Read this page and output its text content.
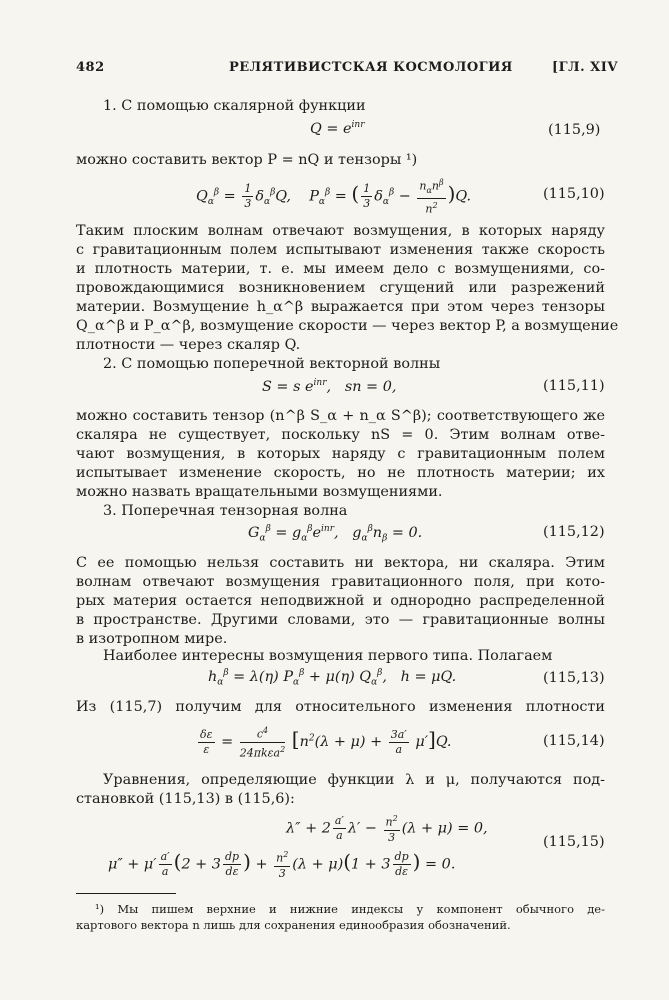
482	РЕЛЯТИВИСТСКАЯ КОСМОЛОГИЯ	[ГЛ. XIV
1. С помощью скалярной функции
$Q = e^{inr}$	(115,9)
можно составить вектор P = nQ и тензоры ¹)
$Q_\alpha^\beta = \frac{1}{3} \delta_\alpha^\beta Q$,    $P_\alpha^\beta$ = ( $\frac{1}{3} \delta_\alpha^\beta - \frac{n_\alpha n^\beta}{n^2} )Q$.	(115,10)
Таким плоским волнам отвечают возмущения, в которых наряду
с гравитационным полем испытывают изменения также скорость
и плотность материи, т. е. мы имеем дело с возмущениями, со-
провождающимися возникновением сгущений или разрежений
материи. Возмущение h_α^β выражается при этом через тензоры
Q_α^β и P_α^β, возмущение скорости — через вектор P, а возмущение
плотности — через скаляр Q.
2. С помощью поперечной векторной волны
S = s $e^{inr}$,   sn = 0,	(115,11)
можно составить тензор (n^β S_α + n_α S^β); соответствующего же
скаляра не существует, поскольку nS = 0. Этим волнам отве-
чают возмущения, в которых наряду с гравитационным полем
испытывает изменение скорость, но не плотность материи; их
можно назвать вращательными возмущениями.
3. Поперечная тензорная волна
$G_\alpha^\beta = g_\alpha^\beta e^{inr}$,   $g_\alpha^\beta n_\beta = 0$.	(115,12)
С ее помощью нельзя составить ни вектора, ни скаляра. Этим
волнам отвечают возмущения гравитационного поля, при кото-
рых материя остается неподвижной и однородно распределенной
в пространстве. Другими словами, это — гравитационные волны
в изотропном мире.
Наиболее интересны возмущения первого типа. Полагаем
$h_\alpha^\beta = \lambda(\eta) P_\alpha^\beta + \mu(\eta)$ $Q_\alpha^\beta$,   h = μQ.	(115,13)
Из (115,7) получим для относительного изменения плотности
$\frac{\delta\varepsilon}{\varepsilon} = \frac{c^4}{24\pi k\varepsilon a^2} [n^2(\lambda + \mu) + \frac{3a'}{a} \mu']Q$.	(115,14)
Уравнения, определяющие функции λ и μ, получаются под-
становкой (115,13) в (115,6):
$\lambda'' + 2 \frac{a'}{a} \lambda' - \frac{n^2}{3} (\lambda + \mu) = 0$,
$\mu'' + \mu' \frac{a'}{a} (2 + 3 \frac{dp}{d\varepsilon}$ ) + $\frac{n^2}{3} (\lambda + \mu)(1 + 3 \frac{dp}{d\varepsilon}$ ) = 0.
(115,15)
¹) Мы пишем верхние и нижние индексы у компонент обычного де-
картового вектора n лишь для сохранения единообразия обозначений.
